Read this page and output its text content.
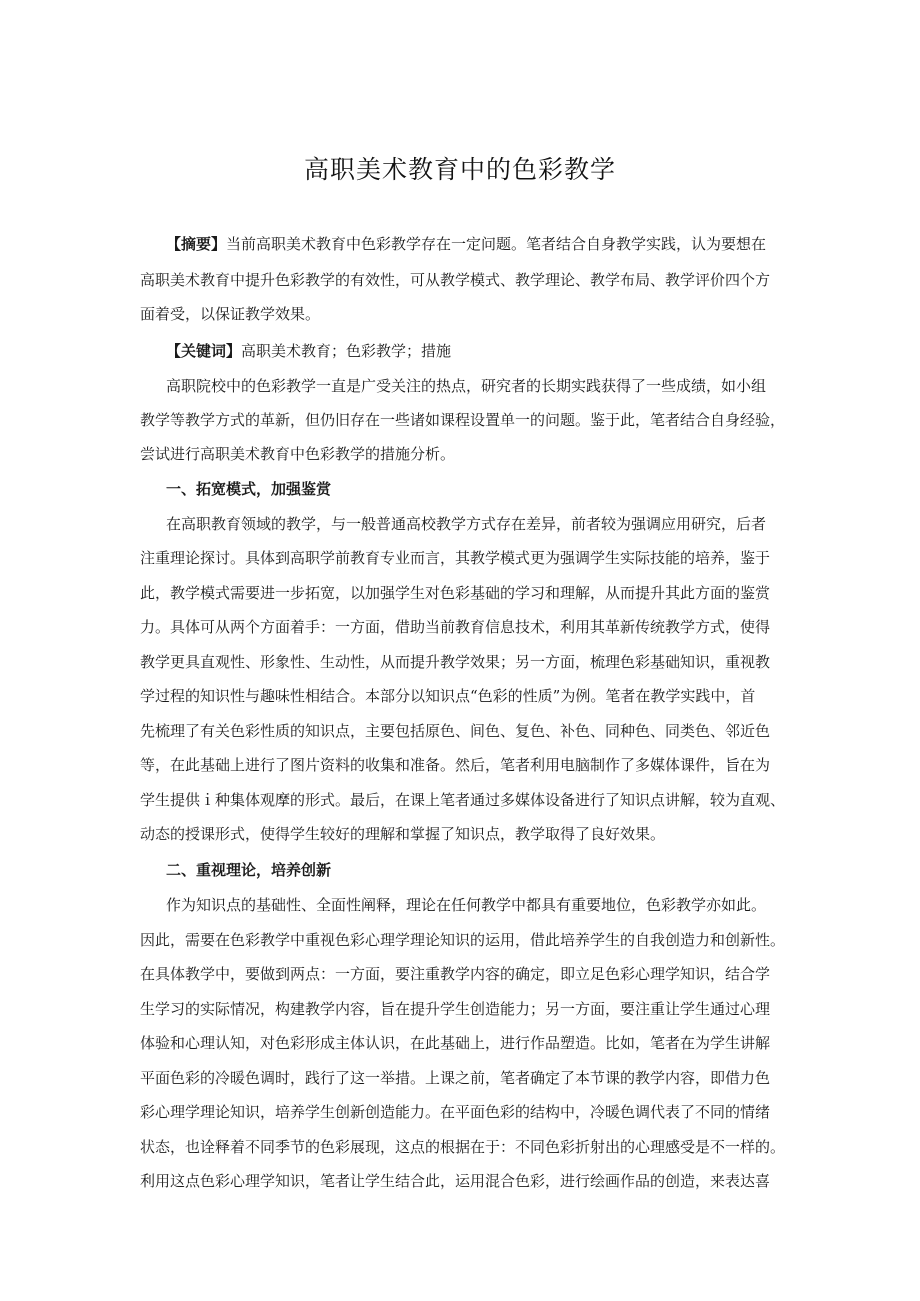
高职美术教育中的色彩教学
【摘要】当前高职美术教育中色彩教学存在一定问题。笔者结合自身教学实践，认为要想在
高职美术教育中提升色彩教学的有效性，可从教学模式、教学理论、教学布局、教学评价四个方
面着受，以保证教学效果。
【关键词】高职美术教育；色彩教学；措施
高职院校中的色彩教学一直是广受关注的热点，研究者的长期实践获得了一些成绩，如小组
教学等教学方式的革新，但仍旧存在一些诸如课程设置单一的问题。鉴于此，笔者结合自身经验，
尝试进行高职美术教育中色彩教学的措施分析。
一、拓宽模式，加强鉴赏
在高职教育领域的教学，与一般普通高校教学方式存在差异，前者较为强调应用研究，后者
注重理论探讨。具体到高职学前教育专业而言，其教学模式更为强调学生实际技能的培养，鉴于
此，教学模式需要进一步拓宽，以加强学生对色彩基础的学习和理解，从而提升其此方面的鉴赏
力。具体可从两个方面着手：一方面，借助当前教育信息技术，利用其革新传统教学方式，使得
教学更具直观性、形象性、生动性，从而提升教学效果；另一方面，梳理色彩基础知识，重视教
学过程的知识性与趣味性相结合。本部分以知识点“色彩的性质”为例。笔者在教学实践中，首
先梳理了有关色彩性质的知识点，主要包括原色、间色、复色、补色、同种色、同类色、邻近色
等，在此基础上进行了图片资料的收集和准备。然后，笔者利用电脑制作了多媒体课件，旨在为
学生提供ｉ种集体观摩的形式。最后，在课上笔者通过多媒体设备进行了知识点讲解，较为直观、
动态的授课形式，使得学生较好的理解和掌握了知识点，教学取得了良好效果。
二、重视理论，培养创新
作为知识点的基础性、全面性阐释，理论在任何教学中都具有重要地位，色彩教学亦如此。
因此，需要在色彩教学中重视色彩心理学理论知识的运用，借此培养学生的自我创造力和创新性。
在具体教学中，要做到两点：一方面，要注重教学内容的确定，即立足色彩心理学知识，结合学
生学习的实际情况，构建教学内容，旨在提升学生创造能力；另一方面，要注重让学生通过心理
体验和心理认知，对色彩形成主体认识，在此基础上，进行作品塑造。比如，笔者在为学生讲解
平面色彩的冷暖色调时，践行了这一举措。上课之前，笔者确定了本节课的教学内容，即借力色
彩心理学理论知识，培养学生创新创造能力。在平面色彩的结构中，冷暖色调代表了不同的情绪
状态，也诠释着不同季节的色彩展现，这点的根据在于：不同色彩折射出的心理感受是不一样的。
利用这点色彩心理学知识，笔者让学生结合此，运用混合色彩，进行绘画作品的创造，来表达喜
